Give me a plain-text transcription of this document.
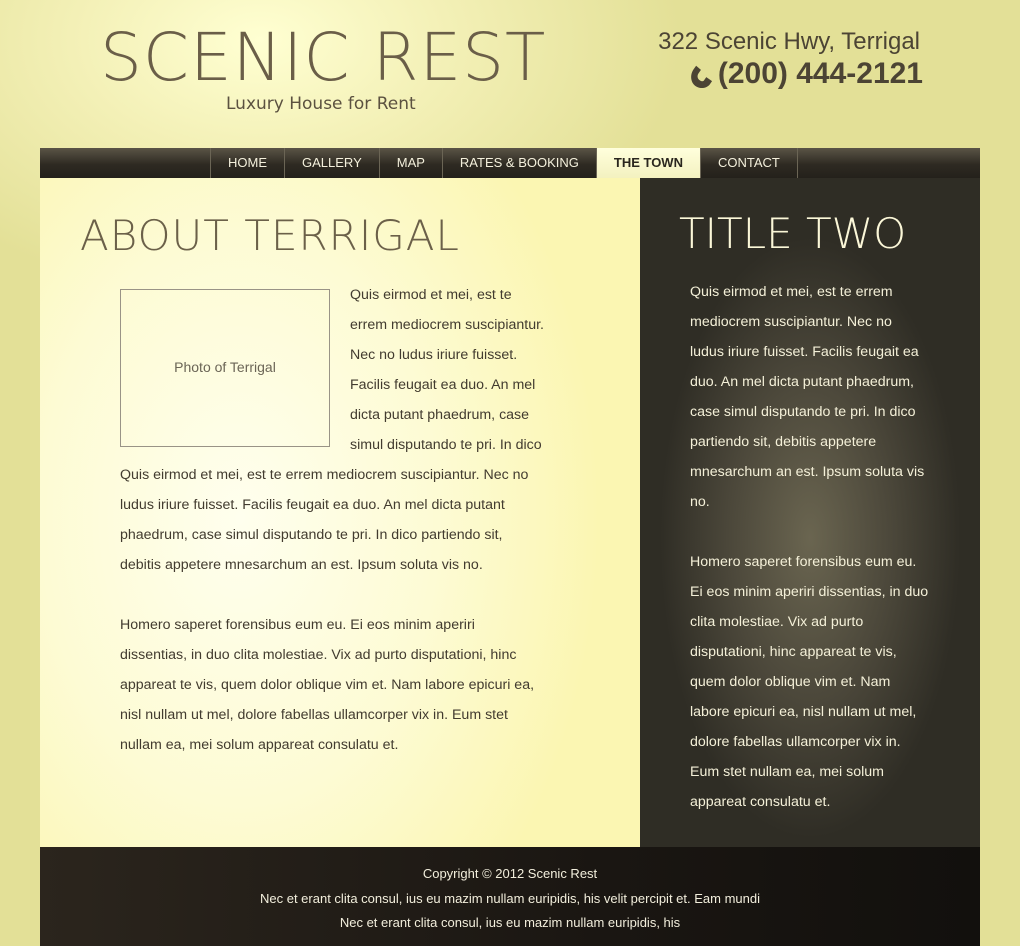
SCENIC REST
Luxury House for Rent
322 Scenic Hwy, Terrigal
(200) 444-2121
HOME	GALLERY	MAP	RATES & BOOKING	THE TOWN	CONTACT
ABOUT TERRIGAL
Photo of Terrigal
Quis eirmod et mei, est te
errem mediocrem suscipiantur.
Nec no ludus iriure fuisset.
Facilis feugait ea duo. An mel
dicta putant phaedrum, case
simul disputando te pri. In dico
Quis eirmod et mei, est te errem mediocrem suscipiantur. Nec no
ludus iriure fuisset. Facilis feugait ea duo. An mel dicta putant
phaedrum, case simul disputando te pri. In dico partiendo sit,
debitis appetere mnesarchum an est. Ipsum soluta vis no.
Homero saperet forensibus eum eu. Ei eos minim aperiri
dissentias, in duo clita molestiae. Vix ad purto disputationi, hinc
appareat te vis, quem dolor oblique vim et. Nam labore epicuri ea,
nisl nullam ut mel, dolore fabellas ullamcorper vix in. Eum stet
nullam ea, mei solum appareat consulatu et.
TITLE TWO
Quis eirmod et mei, est te errem
mediocrem suscipiantur. Nec no
ludus iriure fuisset. Facilis feugait ea
duo. An mel dicta putant phaedrum,
case simul disputando te pri. In dico
partiendo sit, debitis appetere
mnesarchum an est. Ipsum soluta vis
no.
Homero saperet forensibus eum eu.
Ei eos minim aperiri dissentias, in duo
clita molestiae. Vix ad purto
disputationi, hinc appareat te vis,
quem dolor oblique vim et. Nam
labore epicuri ea, nisl nullam ut mel,
dolore fabellas ullamcorper vix in.
Eum stet nullam ea, mei solum
appareat consulatu et.
Copyright © 2012 Scenic Rest
Nec et erant clita consul, ius eu mazim nullam euripidis, his velit percipit et. Eam mundi
Nec et erant clita consul, ius eu mazim nullam euripidis, his
